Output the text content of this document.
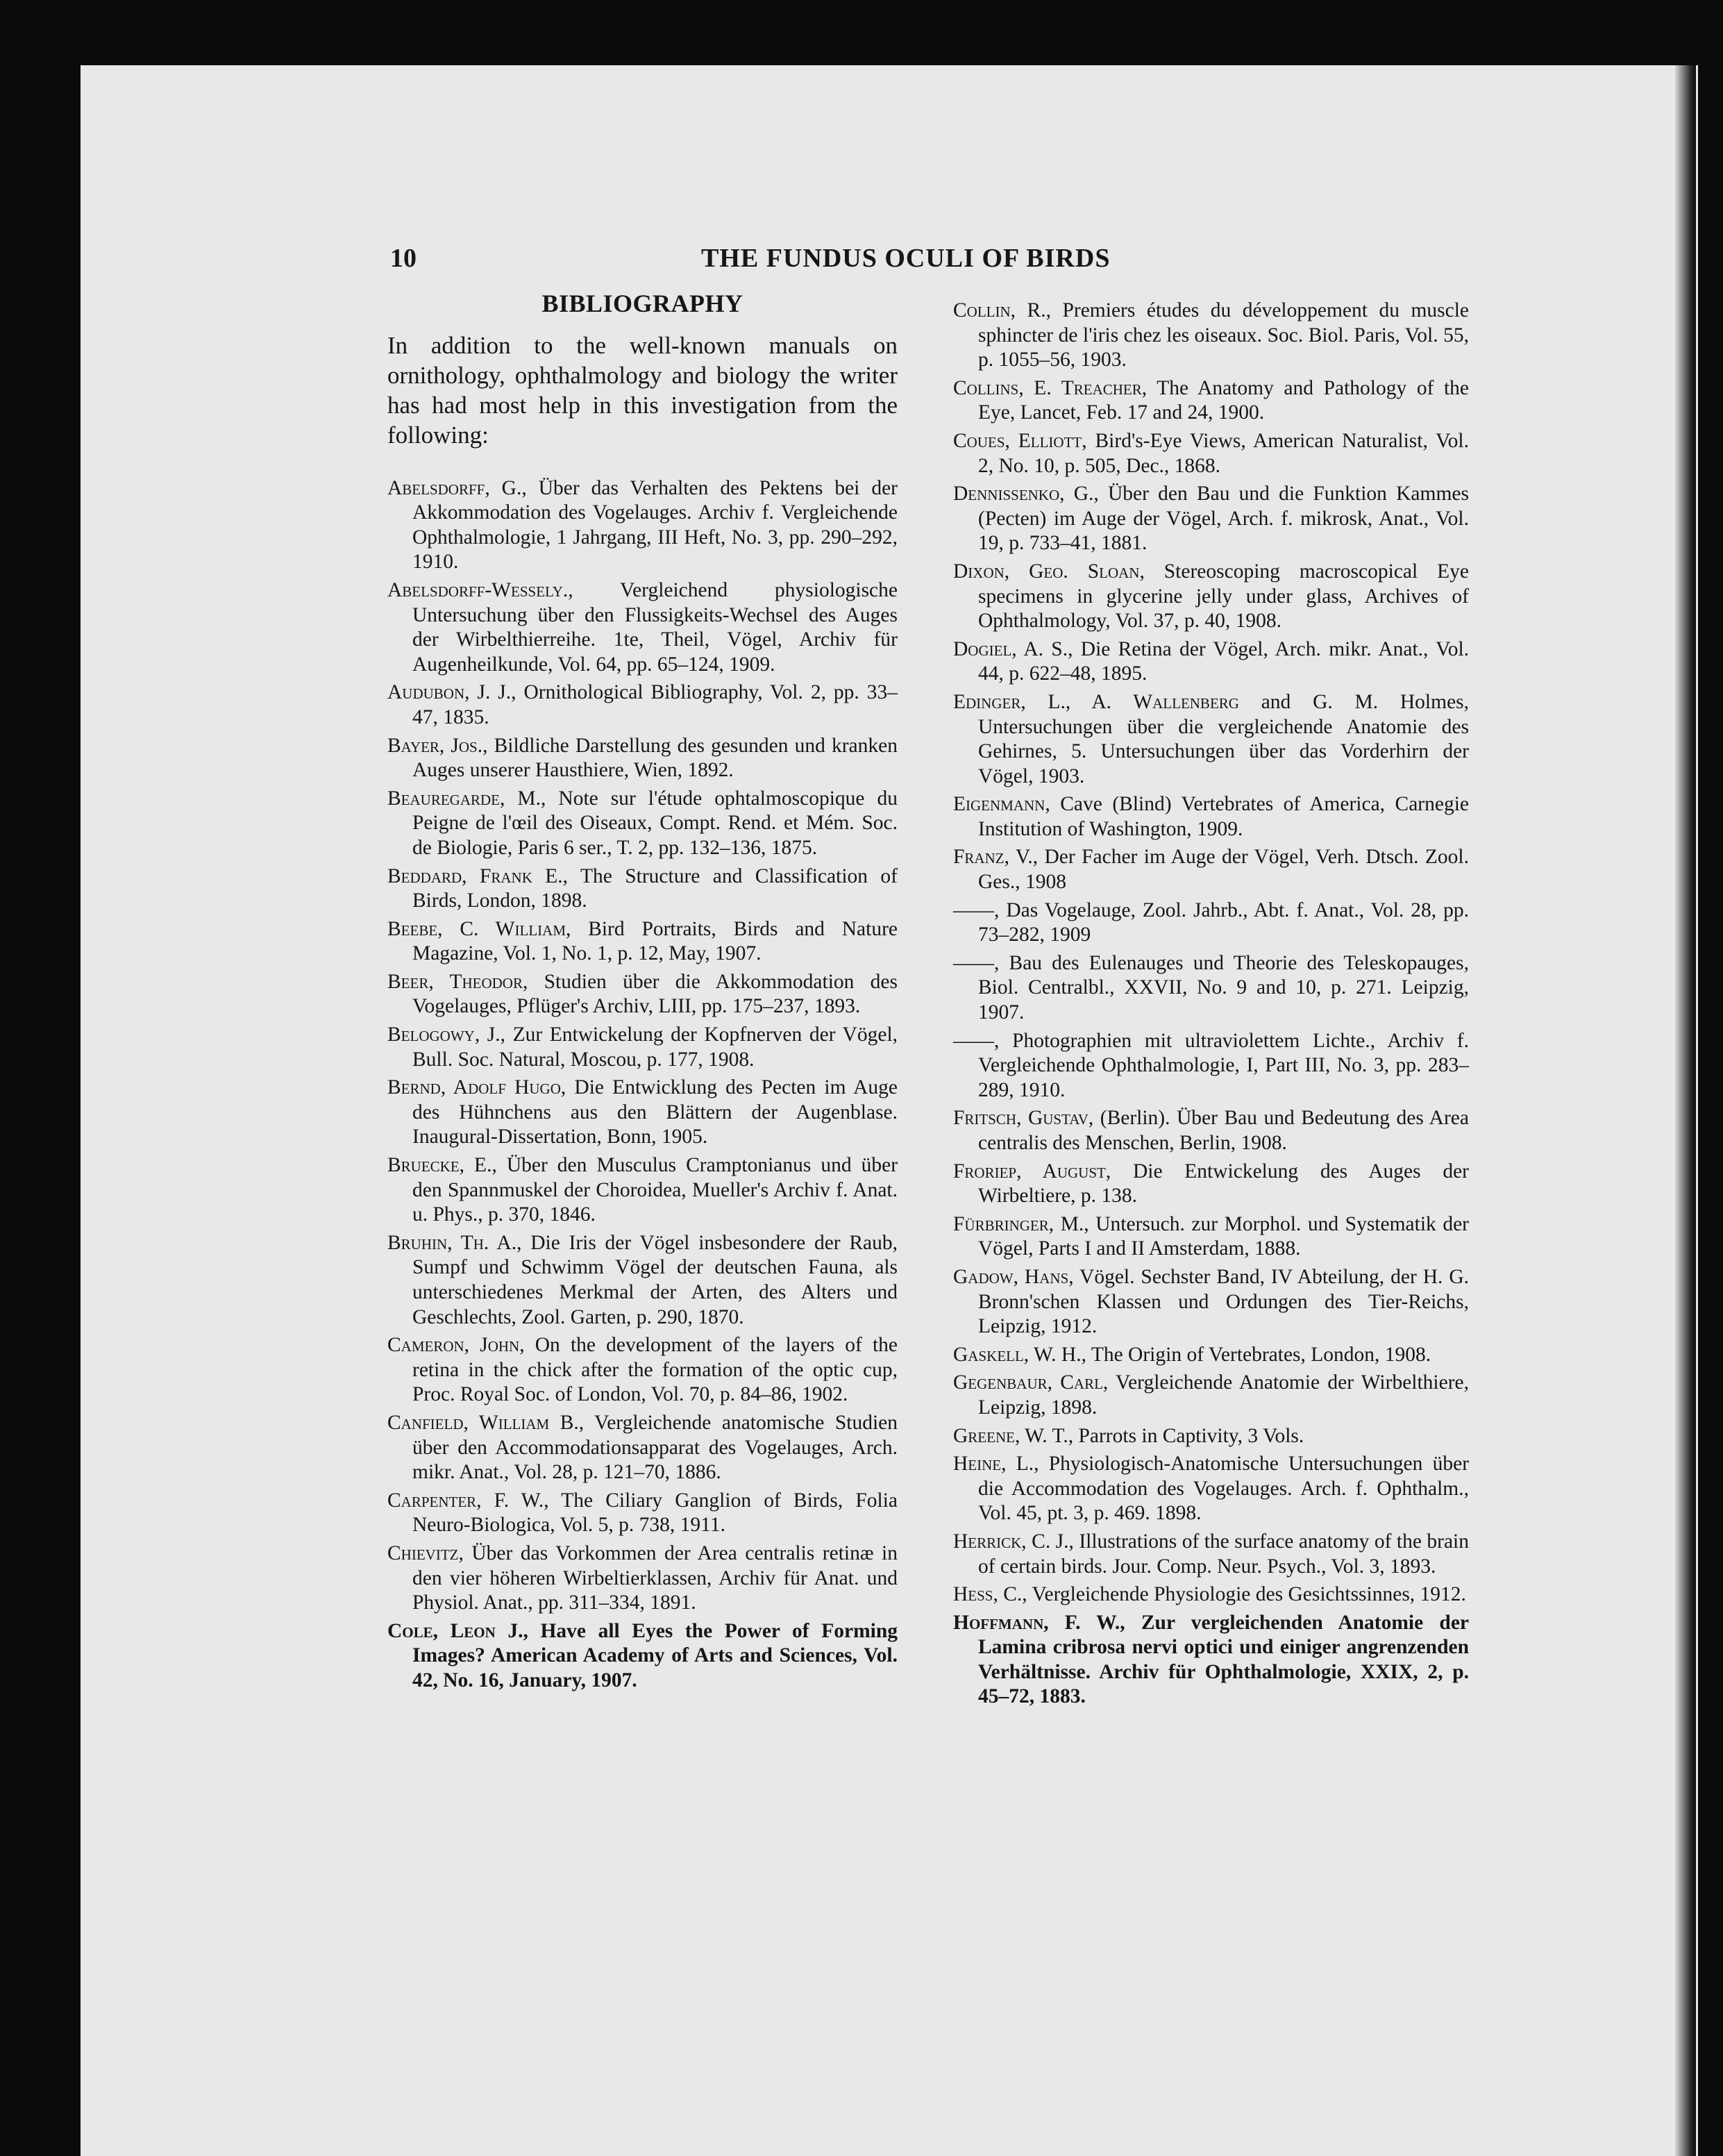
10	THE FUNDUS OCULI OF BIRDS
BIBLIOGRAPHY
In addition to the well-known manuals on ornithology, ophthalmology and biology the writer has had most help in this investigation from the following:
Abelsdorff, G., Über das Verhalten des Pektens bei der Akkommodation des Vogelauges. Archiv f. Vergleichende Ophthalmologie, 1 Jahrgang, III Heft, No. 3, pp. 290–292, 1910.
Abelsdorff-Wessely., Vergleichend physiologische Untersuchung über den Flussigkeits-Wechsel des Auges der Wirbelthierreihe. 1te, Theil, Vögel, Archiv für Augenheilkunde, Vol. 64, pp. 65–124, 1909.
Audubon, J. J., Ornithological Bibliography, Vol. 2, pp. 33–47, 1835.
Bayer, Jos., Bildliche Darstellung des gesunden und kranken Auges unserer Hausthiere, Wien, 1892.
Beauregarde, M., Note sur l'étude ophtalmoscopique du Peigne de l'œil des Oiseaux, Compt. Rend. et Mém. Soc. de Biologie, Paris 6 ser., T. 2, pp. 132–136, 1875.
Beddard, Frank E., The Structure and Classification of Birds, London, 1898.
Beebe, C. William, Bird Portraits, Birds and Nature Magazine, Vol. 1, No. 1, p. 12, May, 1907.
Beer, Theodor, Studien über die Akkommodation des Vogelauges, Pflüger's Archiv, LIII, pp. 175–237, 1893.
Belogowy, J., Zur Entwickelung der Kopfnerven der Vögel, Bull. Soc. Natural, Moscou, p. 177, 1908.
Bernd, Adolf Hugo, Die Entwicklung des Pecten im Auge des Hühnchens aus den Blättern der Augenblase. Inaugural-Dissertation, Bonn, 1905.
Bruecke, E., Über den Musculus Cramptonianus und über den Spannmuskel der Choroidea, Mueller's Archiv f. Anat. u. Phys., p. 370, 1846.
Bruhin, Th. A., Die Iris der Vögel insbesondere der Raub, Sumpf und Schwimm Vögel der deutschen Fauna, als unterschiedenes Merkmal der Arten, des Alters und Geschlechts, Zool. Garten, p. 290, 1870.
Cameron, John, On the development of the layers of the retina in the chick after the formation of the optic cup, Proc. Royal Soc. of London, Vol. 70, p. 84–86, 1902.
Canfield, William B., Vergleichende anatomische Studien über den Accommodationsapparat des Vogelauges, Arch. mikr. Anat., Vol. 28, p. 121–70, 1886.
Carpenter, F. W., The Ciliary Ganglion of Birds, Folia Neuro-Biologica, Vol. 5, p. 738, 1911.
Chievitz, Über das Vorkommen der Area centralis retinæ in den vier höheren Wirbeltierklassen, Archiv für Anat. und Physiol. Anat., pp. 311–334, 1891.
Cole, Leon J., Have all Eyes the Power of Forming Images? American Academy of Arts and Sciences, Vol. 42, No. 16, January, 1907.
Collin, R., Premiers études du développement du muscle sphincter de l'iris chez les oiseaux. Soc. Biol. Paris, Vol. 55, p. 1055–56, 1903.
Collins, E. Treacher, The Anatomy and Pathology of the Eye, Lancet, Feb. 17 and 24, 1900.
Coues, Elliott, Bird's-Eye Views, American Naturalist, Vol. 2, No. 10, p. 505, Dec., 1868.
Dennissenko, G., Über den Bau und die Funktion Kammes (Pecten) im Auge der Vögel, Arch. f. mikrosk, Anat., Vol. 19, p. 733–41, 1881.
Dixon, Geo. Sloan, Stereoscoping macroscopical Eye specimens in glycerine jelly under glass, Archives of Ophthalmology, Vol. 37, p. 40, 1908.
Dogiel, A. S., Die Retina der Vögel, Arch. mikr. Anat., Vol. 44, p. 622–48, 1895.
Edinger, L., A. Wallenberg and G. M. Holmes, Untersuchungen über die vergleichende Anatomie des Gehirnes, 5. Untersuchungen über das Vorderhirn der Vögel, 1903.
Eigenmann, Cave (Blind) Vertebrates of America, Carnegie Institution of Washington, 1909.
Franz, V., Der Facher im Auge der Vögel, Verh. Dtsch. Zool. Ges., 1908
——, Das Vogelauge, Zool. Jahrb., Abt. f. Anat., Vol. 28, pp. 73–282, 1909
——, Bau des Eulenauges und Theorie des Teleskopauges, Biol. Centralbl., XXVII, No. 9 and 10, p. 271. Leipzig, 1907.
——, Photographien mit ultraviolettem Lichte., Archiv f. Vergleichende Ophthalmologie, I, Part III, No. 3, pp. 283–289, 1910.
Fritsch, Gustav, (Berlin). Über Bau und Bedeutung des Area centralis des Menschen, Berlin, 1908.
Froriep, August, Die Entwickelung des Auges der Wirbeltiere, p. 138.
Fürbringer, M., Untersuch. zur Morphol. und Systematik der Vögel, Parts I and II Amsterdam, 1888.
Gadow, Hans, Vögel. Sechster Band, IV Abteilung, der H. G. Bronn'schen Klassen und Ordungen des Tier-Reichs, Leipzig, 1912.
Gaskell, W. H., The Origin of Vertebrates, London, 1908.
Gegenbaur, Carl, Vergleichende Anatomie der Wirbelthiere, Leipzig, 1898.
Greene, W. T., Parrots in Captivity, 3 Vols.
Heine, L., Physiologisch-Anatomische Untersuchungen über die Accommodation des Vogelauges. Arch. f. Ophthalm., Vol. 45, pt. 3, p. 469. 1898.
Herrick, C. J., Illustrations of the surface anatomy of the brain of certain birds. Jour. Comp. Neur. Psych., Vol. 3, 1893.
Hess, C., Vergleichende Physiologie des Gesichtssinnes, 1912.
Hoffmann, F. W., Zur vergleichenden Anatomie der Lamina cribrosa nervi optici und einiger angrenzenden Verhältnisse. Archiv für Ophthalmologie, XXIX, 2, p. 45–72, 1883.
